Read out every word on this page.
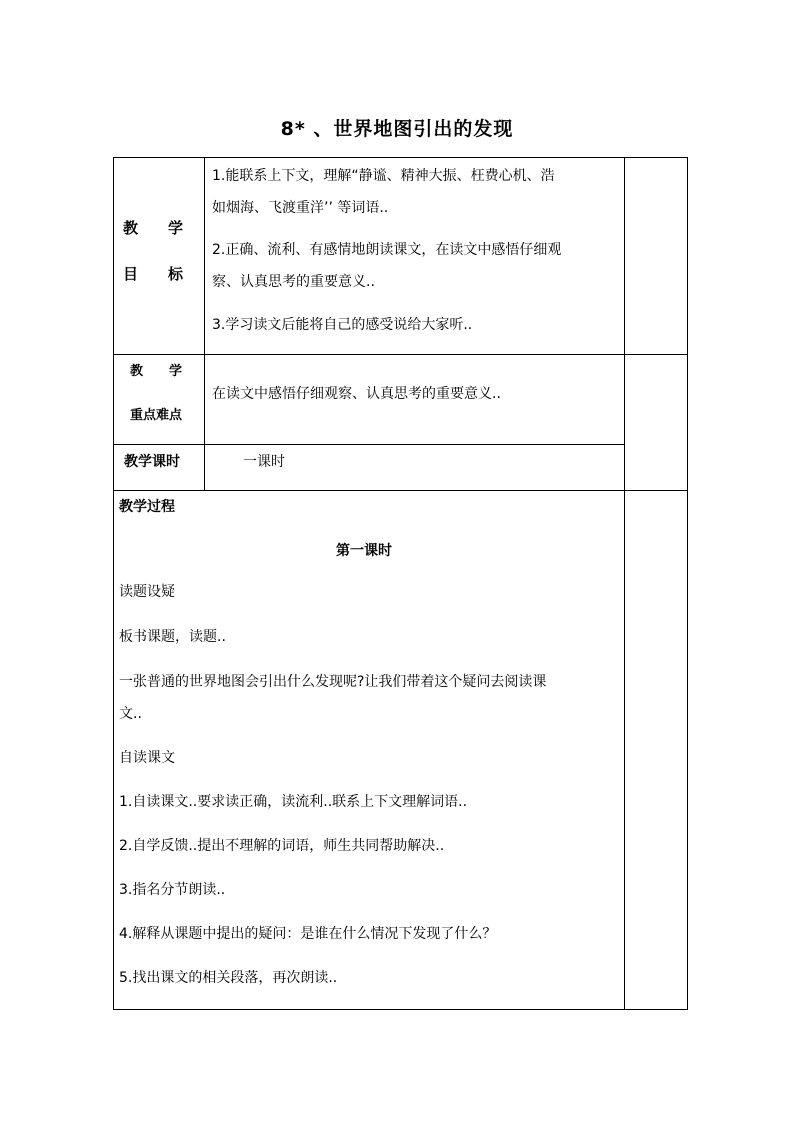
8* 、世界地图引出的发现
教　　学
目　　标
1.能联系上下文，理解“静谧、精神大振、枉费心机、浩
如烟海、飞渡重洋’’ 等词语..
2.正确、流利、有感情地朗读课文，在读文中感悟仔细观
察、认真思考的重要意义..
3.学习读文后能将自己的感受说给大家听..
教　　学
重点难点
在读文中感悟仔细观察、认真思考的重要意义..
教学课时	一课时
教学过程
第一课时
读题设疑
板书课题，读题..
一张普通的世界地图会引出什么发现呢?让我们带着这个疑问去阅读课
文..
自读课文
1.自读课文..要求读正确，读流利..联系上下文理解词语..
2.自学反馈..提出不理解的词语，师生共同帮助解决..
3.指名分节朗读..
4.解释从课题中提出的疑问：是谁在什么情况下发现了什么？
5.找出课文的相关段落，再次朗读..
